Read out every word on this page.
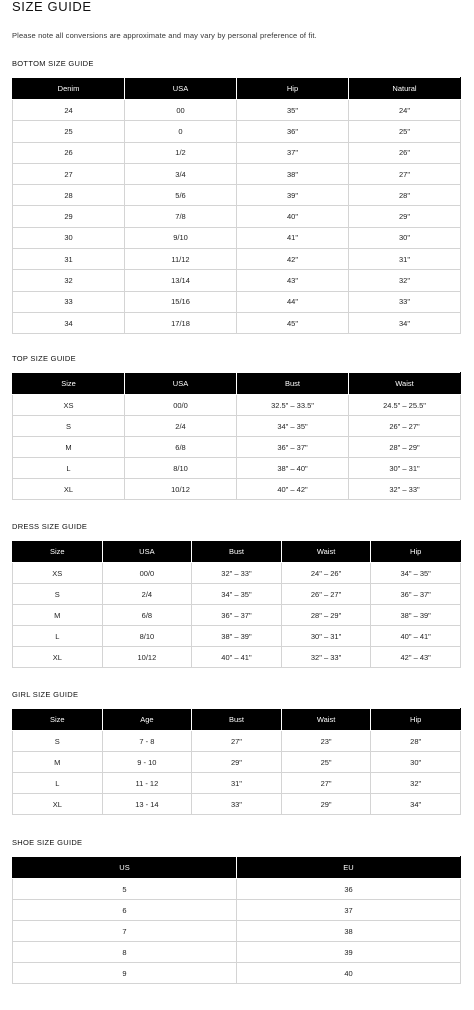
SIZE GUIDE

Please note all conversions are approximate and may vary by personal preference of fit.

BOTTOM SIZE GUIDE
Denim	USA	Hip	Natural
24	00	35"	24"
25	0	36"	25"
26	1/2	37"	26"
27	3/4	38"	27"
28	5/6	39"	28"
29	7/8	40"	29"
30	9/10	41"	30"
31	11/12	42"	31"
32	13/14	43"	32"
33	15/16	44"	33"
34	17/18	45"	34"
TOP SIZE GUIDE
Size	USA	Bust	Waist
XS	00/0	32.5" – 33.5"	24.5" – 25.5"
S	2/4	34" – 35"	26" – 27"
M	6/8	36" – 37"	28" – 29"
L	8/10	38" – 40"	30" – 31"
XL	10/12	40" – 42"	32" – 33"
DRESS SIZE GUIDE
Size	USA	Bust	Waist	Hip
XS	00/0	32" – 33"	24" – 26"	34" – 35"
S	2/4	34" – 35"	26" – 27"	36" – 37"
M	6/8	36" – 37"	28" – 29"	38" – 39"
L	8/10	38" – 39"	30" – 31"	40" – 41"
XL	10/12	40" – 41"	32" – 33"	42" – 43"
GIRL SIZE GUIDE
Size	Age	Bust	Waist	Hip
S	7 - 8	27"	23"	28"
M	9 - 10	29"	25"	30"
L	11 - 12	31"	27"	32"
XL	13 - 14	33"	29"	34"
SHOE SIZE GUIDE
US	EU
5	36
6	37
7	38
8	39
9	40
